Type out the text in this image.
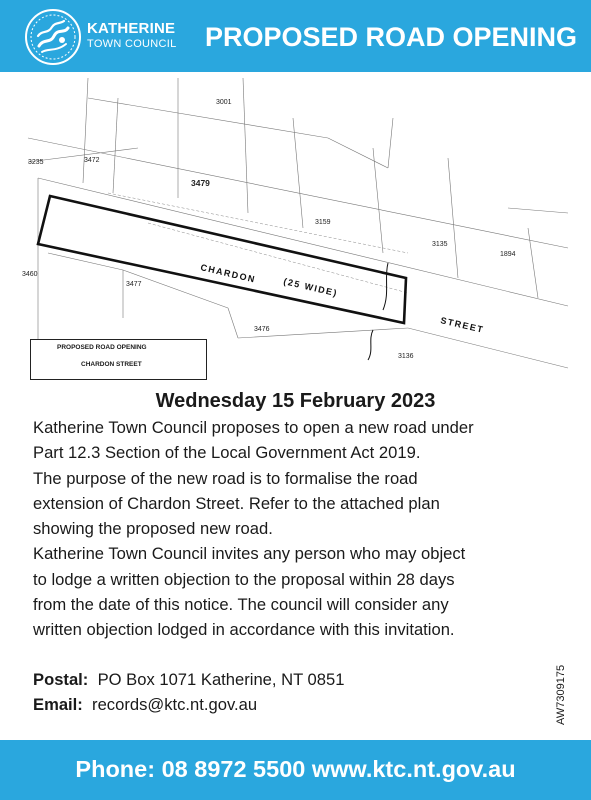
KATHERINE
TOWN COUNCIL PROPOSED ROAD OPENING
3001
3235	3472
3479
3159
3135
1894
3460
3477
3476
3136
CHARDON
(25 WIDE)
STREET
PROPOSED ROAD OPENING
CHARDON STREET
Wednesday 15 February 2023
Katherine Town Council proposes to open a new road under
Part 12.3 Section of the Local Government Act 2019.
The purpose of the new road is to formalise the road
extension of Chardon Street. Refer to the attached plan
showing the proposed new road.
Katherine Town Council invites any person who may object
to lodge a written objection to the proposal within 28 days
from the date of this notice. The council will consider any
written objection lodged in accordance with this invitation.
Postal: PO Box 1071 Katherine, NT 0851
Email: records@ktc.nt.gov.au	AW7309175
Phone: 08 8972 5500 www.ktc.nt.gov.au
